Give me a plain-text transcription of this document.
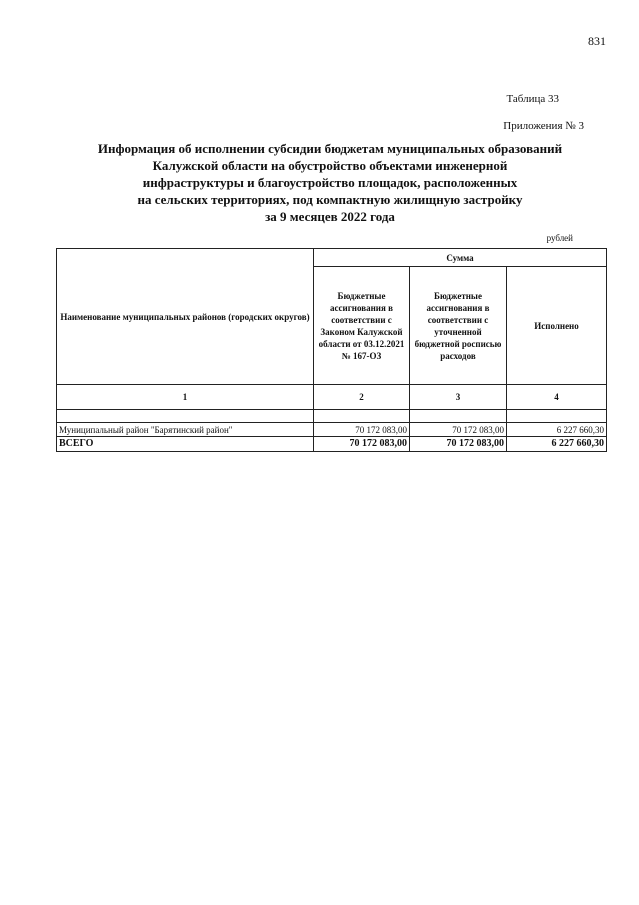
831
Таблица 33
Приложения № 3
Информация об исполнении субсидии бюджетам муниципальных образований
Калужской области на обустройство объектами инженерной
инфраструктуры и благоустройство площадок, расположенных
на сельских территориях, под компактную жилищную застройку
за 9 месяцев 2022 года
рублей
Наименование муниципальных районов (городских округов)	Сумма		
	Бюджетные ассигнования в соответствии с Законом Калужской области от 03.12.2021 № 167-ОЗ	Бюджетные ассигнования в соответствии с уточненной бюджетной росписью расходов	Исполнено
1	2	3	4

Муниципальный район "Барятинский район"	70 172 083,00	70 172 083,00	6 227 660,30
ВСЕГО	70 172 083,00	70 172 083,00	6 227 660,30
